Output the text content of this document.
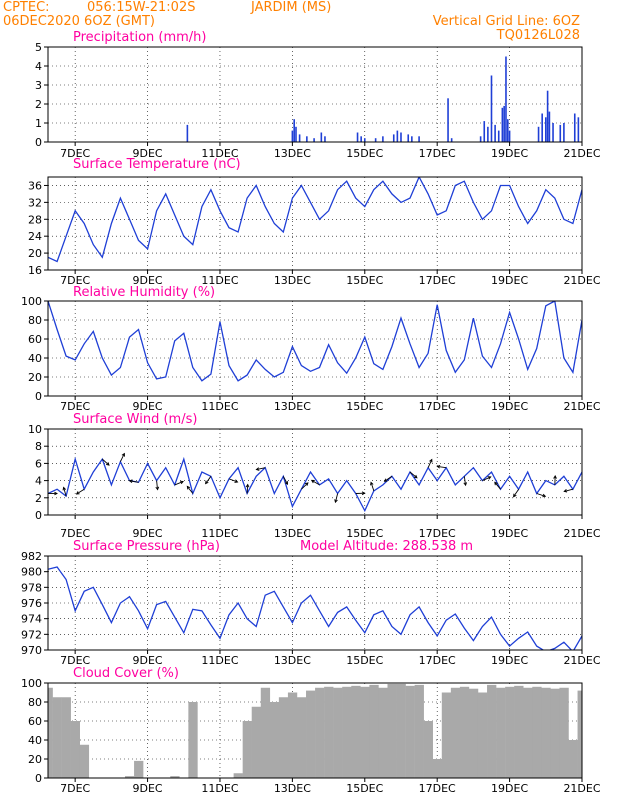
CPTEC:	056:15W-21:02S	JARDIM (MS)
06DEC2020 6OZ (GMT)	Vertical Grid Line: 6OZ
TQ0126L028
0
1
2
3
4
5
7DEC	9DEC	11DEC	13DEC	15DEC	17DEC	19DEC	21DEC
Precipitation (mm/h)
16
20
24
28
32
36
7DEC	9DEC	11DEC	13DEC	15DEC	17DEC	19DEC	21DEC
Surface Temperature (nC)
0
20
40
60
80
100
7DEC	9DEC	11DEC	13DEC	15DEC	17DEC	19DEC	21DEC
Relative Humidity (%)
0
2
4
6
8
10
7DEC	9DEC	11DEC	13DEC	15DEC	17DEC	19DEC	21DEC
Surface Wind (m/s)
970
972
974
976
978
980
982
7DEC	9DEC	11DEC	13DEC	15DEC	17DEC	19DEC	21DEC
Surface Pressure (hPa)	Model Altitude: 288.538 m
0
20
40
60
80
100
7DEC	9DEC	11DEC	13DEC	15DEC	17DEC	19DEC	21DEC
Cloud Cover (%)
